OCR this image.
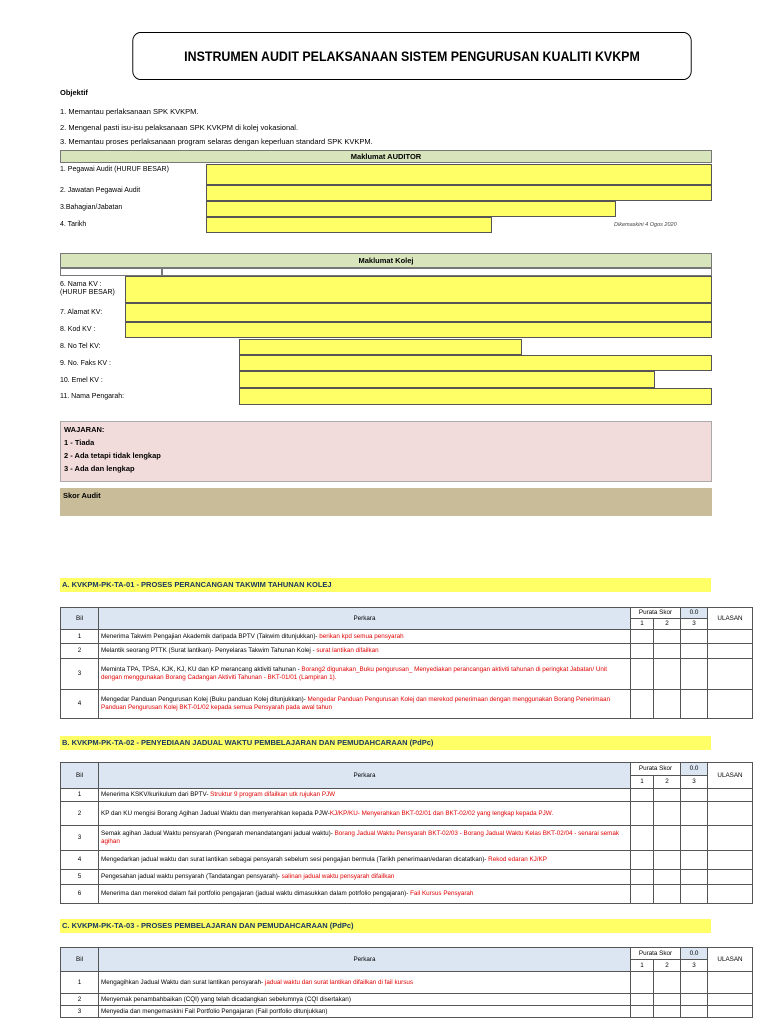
INSTRUMEN AUDIT PELAKSANAAN SISTEM PENGURUSAN KUALITI KVKPM
Objektif
1. Memantau perlaksanaan SPK KVKPM.
2. Mengenal pasti isu-isu pelaksanaan SPK KVKPM di kolej vokasional.
3. Memantau proses perlaksanaan program selaras dengan keperluan standard SPK KVKPM.
Maklumat AUDITOR
1. Pegawai Audit (HURUF BESAR)
2. Jawatan Pegawai Audit
3.Bahagian/Jabatan
4. Tarikh	Dikemaskini 4 Ogos 2020
Maklumat Kolej
6. Nama KV : (HURUF BESAR)
7. Alamat KV:
8. Kod KV :
8. No Tel KV:
9. No. Faks KV :
10. Emel KV :
11. Nama Pengarah:
WAJARAN:
1 - Tiada
2 - Ada tetapi tidak lengkap
3 - Ada dan lengkap
Skor Audit
A. KVKPM-PK-TA-01 - PROSES PERANCANGAN TAKWIM TAHUNAN KOLEJ
Bil	Perkara	Purata Skor		0.0	ULASAN
		1	2	3	
1	Menerima Takwim Pengajian Akademik daripada BPTV (Takwim ditunjukkan)- berikan kpd semua pensyarah				
2	Melantik seorang PTTK (Surat lantikan)- Penyelaras Takwim Tahunan Kolej - surat lantikan difailkan				
3	Meminta TPA, TPSA, KJK, KJ, KU dan KP merancang aktiviti tahunan - Borang2 digunakan_Buku pengurusan_ Menyediakan perancangan aktiviti tahunan di peringkat Jabatan/ Unit dengan menggunakan Borang Cadangan Aktiviti Tahunan - BKT-01/01 (Lampiran 1).				
4	Mengedar Panduan Pengurusan Kolej (Buku panduan Kolej ditunjukkan)- Mengedar Panduan Pengurusan Kolej dan merekod penerimaan dengan menggunakan Borang Penerimaan Panduan Pengurusan Kolej BKT-01/02 kepada semua Pensyarah pada awal tahun				
B. KVKPM-PK-TA-02 - PENYEDIAAN JADUAL WAKTU PEMBELAJARAN DAN PEMUDAHCARAAN (PdPc)
Bil	Perkara	Purata Skor		0.0	ULASAN
		1	2	3	
1	Menerima KSKV/kurikulum dari BPTV- Struktur 9 program difailkan utk rujukan PJW				
2	KP dan KU mengisi Borang Agihan Jadual Waktu dan menyerahkan kepada PJW-KJ/KP/KU- Menyerahkan BKT-02/01 dan BKT-02/02 yang lengkap kepada PJW.				
3	Semak agihan Jadual Waktu pensyarah (Pengarah menandatangani jadual waktu)- Borang Jadual Waktu Pensyarah BKT-02/03 - Borang Jadual Waktu Kelas BKT-02/04 - senarai semak agihan				
4	Mengedarkan jadual waktu dan surat lantikan sebagai pensyarah sebelum sesi pengajian bermula (Tarikh penerimaan/edaran dicatatkan)- Rekod edaran KJ/KP				
5	Pengesahan jadual waktu pensyarah (Tandatangan pensyarah)- salinan jadual waktu pensyarah difailkan				
6	Menerima dan merekod dalam fail portfolio pengajaran (jadual waktu dimasukkan dalam potrfolio pengajaran)- Fail Kursus Pensyarah				
C. KVKPM-PK-TA-03 - PROSES PEMBELAJARAN DAN PEMUDAHCARAAN (PdPc)
Bil	Perkara	Purata Skor		0.0	ULASAN
		1	2	3	
1	Mengagihkan Jadual Waktu dan surat lantikan pensyarah- jadual waktu dan surat lantikan difailkan di fail kursus				
2	Menyemak penambahbaikan (CQI) yang telah dicadangkan sebelumnya (CQI disertakan)				
3	Menyedia dan mengemaskini Fail Portfolio Pengajaran (Fail portfolio ditunjukkan)				
